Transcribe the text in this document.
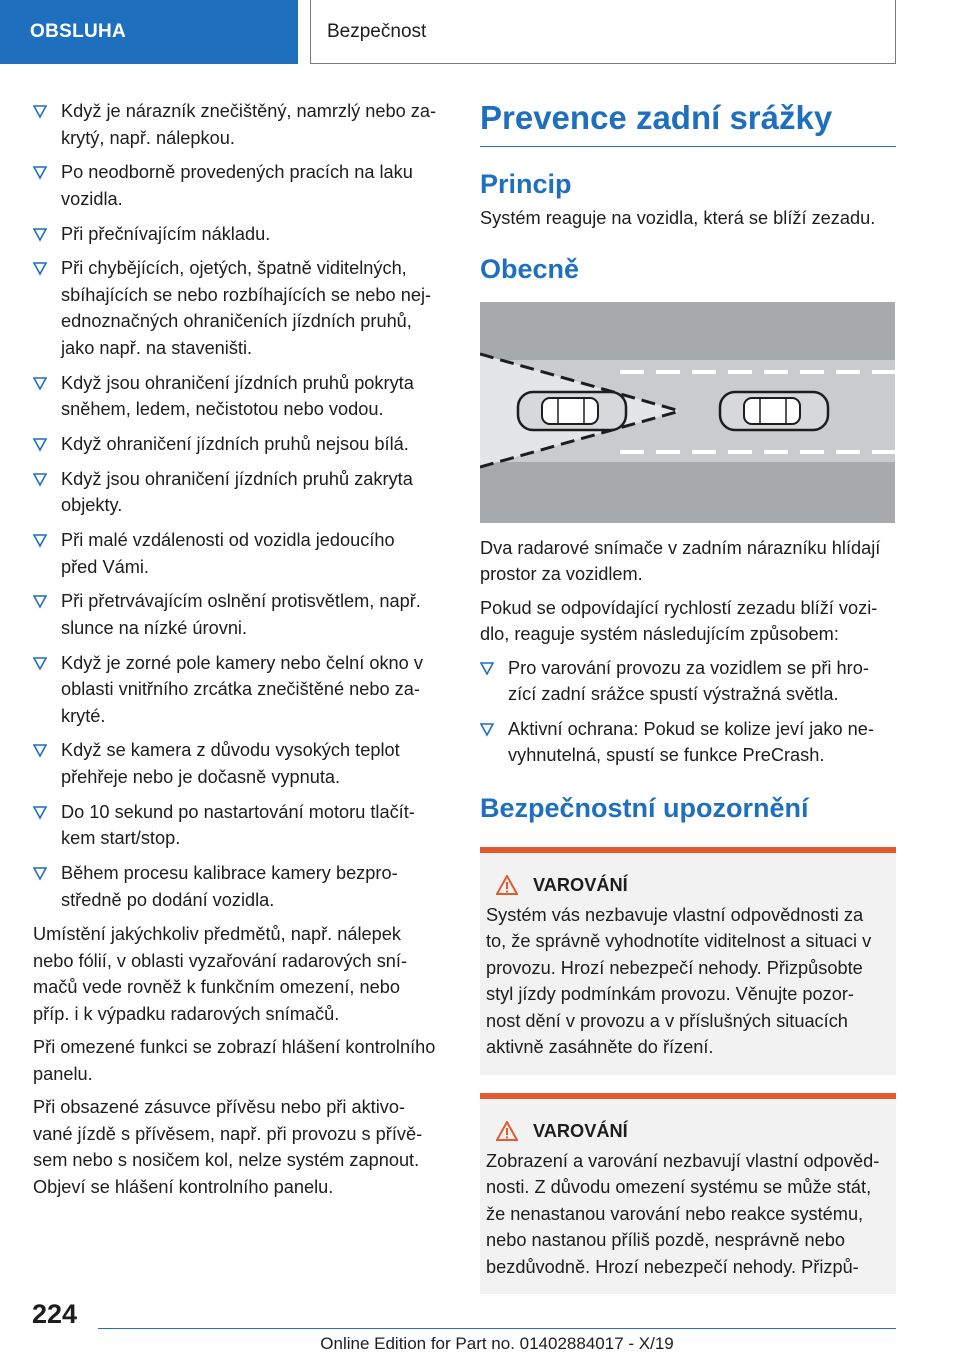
OBSLUHA	Bezpečnost
Když je nárazník znečištěný, namrzlý nebo za-
krytý, např. nálepkou.
Po neodborně provedených pracích na laku
vozidla.
Při přečnívajícím nákladu.
Při chybějících, ojetých, špatně viditelných,
sbíhajících se nebo rozbíhajících se nebo nej-
ednoznačných ohraničeních jízdních pruhů,
jako např. na staveništi.
Když jsou ohraničení jízdních pruhů pokryta
sněhem, ledem, nečistotou nebo vodou.
Když ohraničení jízdních pruhů nejsou bílá.
Když jsou ohraničení jízdních pruhů zakryta
objekty.
Při malé vzdálenosti od vozidla jedoucího
před Vámi.
Při přetrvávajícím oslnění protisvětlem, např.
slunce na nízké úrovni.
Když je zorné pole kamery nebo čelní okno v
oblasti vnitřního zrcátka znečištěné nebo za-
kryté.
Když se kamera z důvodu vysokých teplot
přehřeje nebo je dočasně vypnuta.
Do 10 sekund po nastartování motoru tlačít-
kem start/stop.
Během procesu kalibrace kamery bezpro-
středně po dodání vozidla.

Umístění jakýchkoliv předmětů, např. nálepek
nebo fólií, v oblasti vyzařování radarových sní-
mačů vede rovněž k funkčním omezení, nebo
příp. i k výpadku radarových snímačů.

Při omezené funkci se zobrazí hlášení kontrolního
panelu.

Při obsazené zásuvce přívěsu nebo při aktivo-
vané jízdě s přívěsem, např. při provozu s přívě-
sem nebo s nosičem kol, nelze systém zapnout.
Objeví se hlášení kontrolního panelu.

Prevence zadní srážky
Princip

Systém reaguje na vozidla, která se blíží zezadu.

Obecně

Dva radarové snímače v zadním nárazníku hlídají
prostor za vozidlem.

Pokud se odpovídající rychlostí zezadu blíží vozi-
dlo, reaguje systém následujícím způsobem:

Pro varování provozu za vozidlem se při hro-
zící zadní srážce spustí výstražná světla.
Aktivní ochrana: Pokud se kolize jeví jako ne-
vyhnutelná, spustí se funkce PreCrash.
Bezpečnostní upozornění
VAROVÁNÍ
Systém vás nezbavuje vlastní odpovědnosti za
to, že správně vyhodnotíte viditelnost a situaci v
provozu. Hrozí nebezpečí nehody. Přizpůsobte
styl jízdy podmínkám provozu. Věnujte pozor-
nost dění v provozu a v příslušných situacích
aktivně zasáhněte do řízení.
VAROVÁNÍ
Zobrazení a varování nezbavují vlastní odpověd-
nosti. Z důvodu omezení systému se může stát,
že nenastanou varování nebo reakce systému,
nebo nastanou příliš pozdě, nesprávně nebo
bezdůvodně. Hrozí nebezpečí nehody. Přizpů-
224
Online Edition for Part no. 01402884017 - X/19
